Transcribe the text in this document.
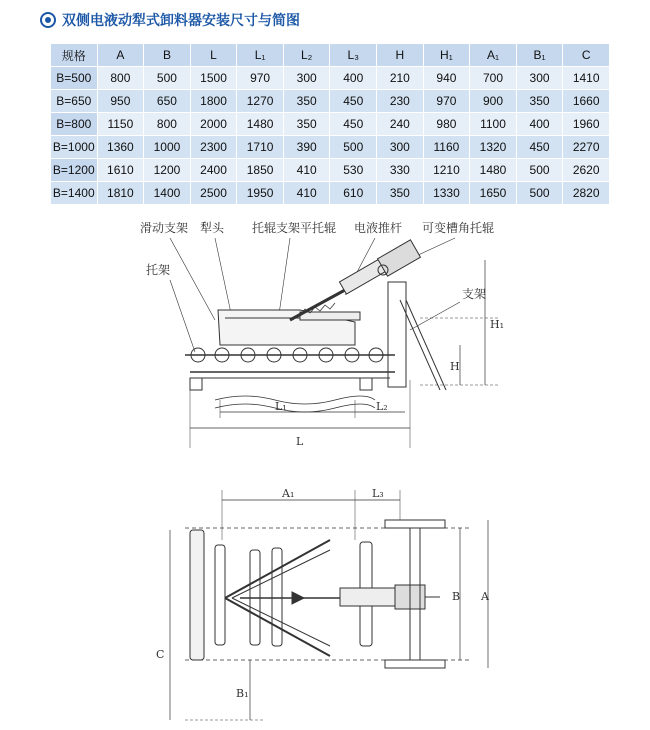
双侧电液动犁式卸料器安装尺寸与简图
规格	A	B	L	L₁	L₂	L₃	H	H₁	A₁	B₁	C
B=500	800	500	1500	970	300	400	210	940	700	300	1410
B=650	950	650	1800	1270	350	450	230	970	900	350	1660
B=800	1150	800	2000	1480	350	450	240	980	1100	400	1960
B=1000	1360	1000	2300	1710	390	500	300	1160	1320	450	2270
B=1200	1610	1200	2400	1850	410	530	330	1210	1480	500	2620
B=1400	1810	1400	2500	1950	410	610	350	1330	1650	500	2820
滑动支架 犁头 托辊支架平托辊 电液推杆 可变槽角托辊
托架
支架
L₁	L₂
L
H₁
H
A₁	L₃
B A
C
B₁
